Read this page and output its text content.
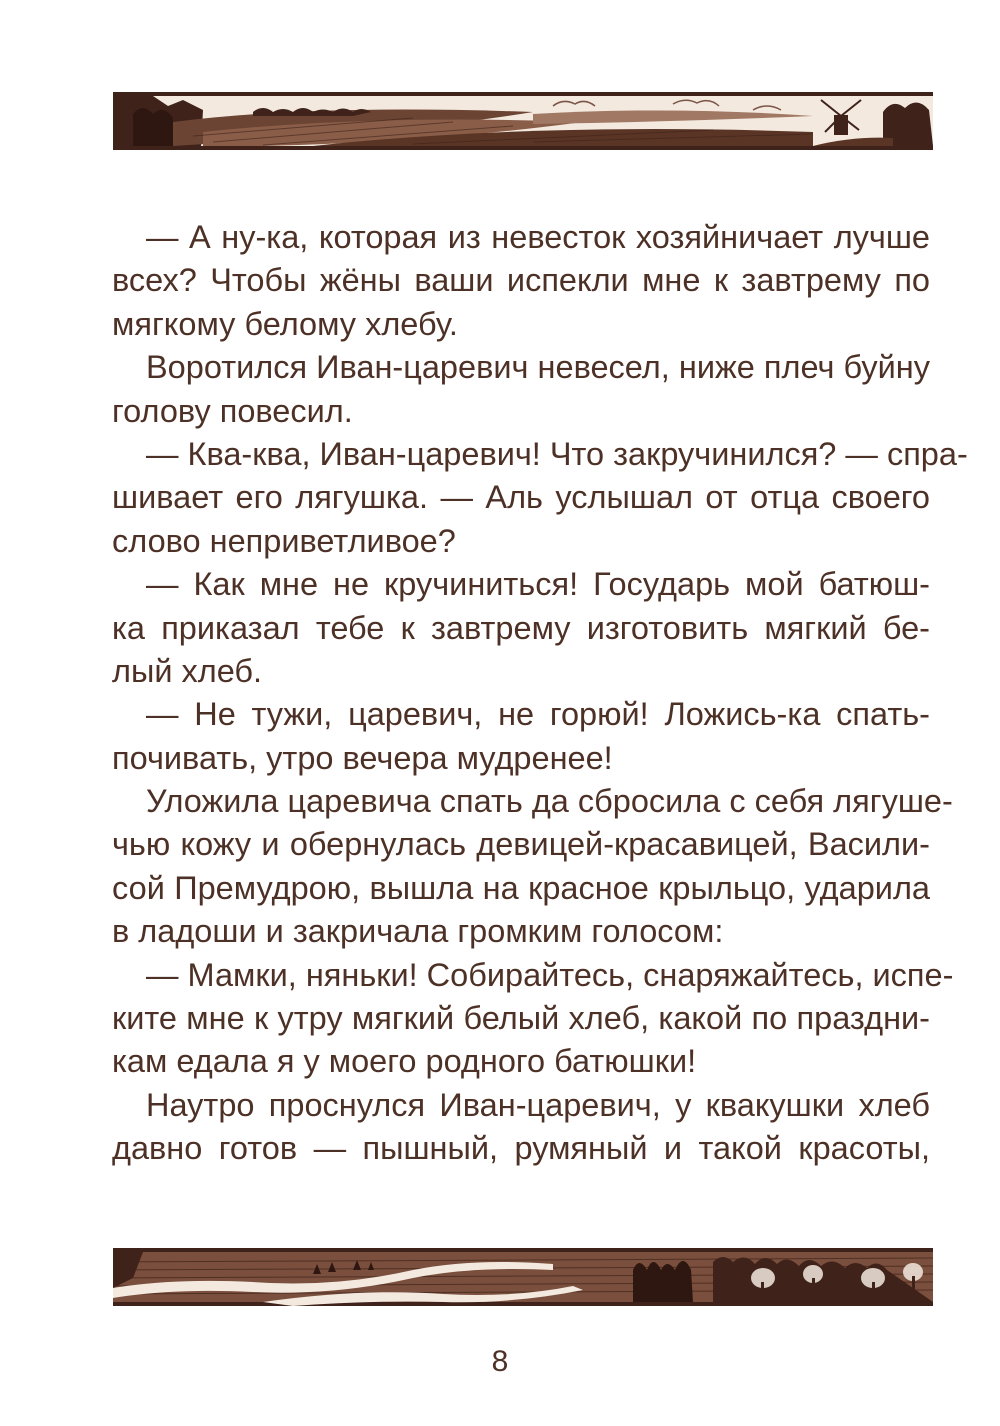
— А ну-ка, которая из невесток хозяйничает лучше
всех? Чтобы жёны ваши испекли мне к завтрему по
мягкому белому хлебу.
Воротился Иван-царевич невесел, ниже плеч буйну
голову повесил.
— Ква-ква, Иван-царевич! Что закручинился? — спра-
шивает его лягушка. — Аль услышал от отца своего
слово неприветливое?
— Как мне не кручиниться! Государь мой батюш-
ка приказал тебе к завтрему изготовить мягкий бе-
лый хлеб.
— Не тужи, царевич, не горюй! Ложись-ка спать-
почивать, утро вечера мудренее!
Уложила царевича спать да сбросила с себя лягуше-
чью кожу и обернулась девицей-красавицей, Васили-
сой Премудрою, вышла на красное крыльцо, ударила
в ладоши и закричала громким голосом:
— Мамки, няньки! Собирайтесь, снаряжайтесь, испе-
ките мне к утру мягкий белый хлеб, какой по праздни-
кам едала я у моего родного батюшки!
Наутро проснулся Иван-царевич, у квакушки хлеб
давно готов — пышный, румяный и такой красоты,
8
